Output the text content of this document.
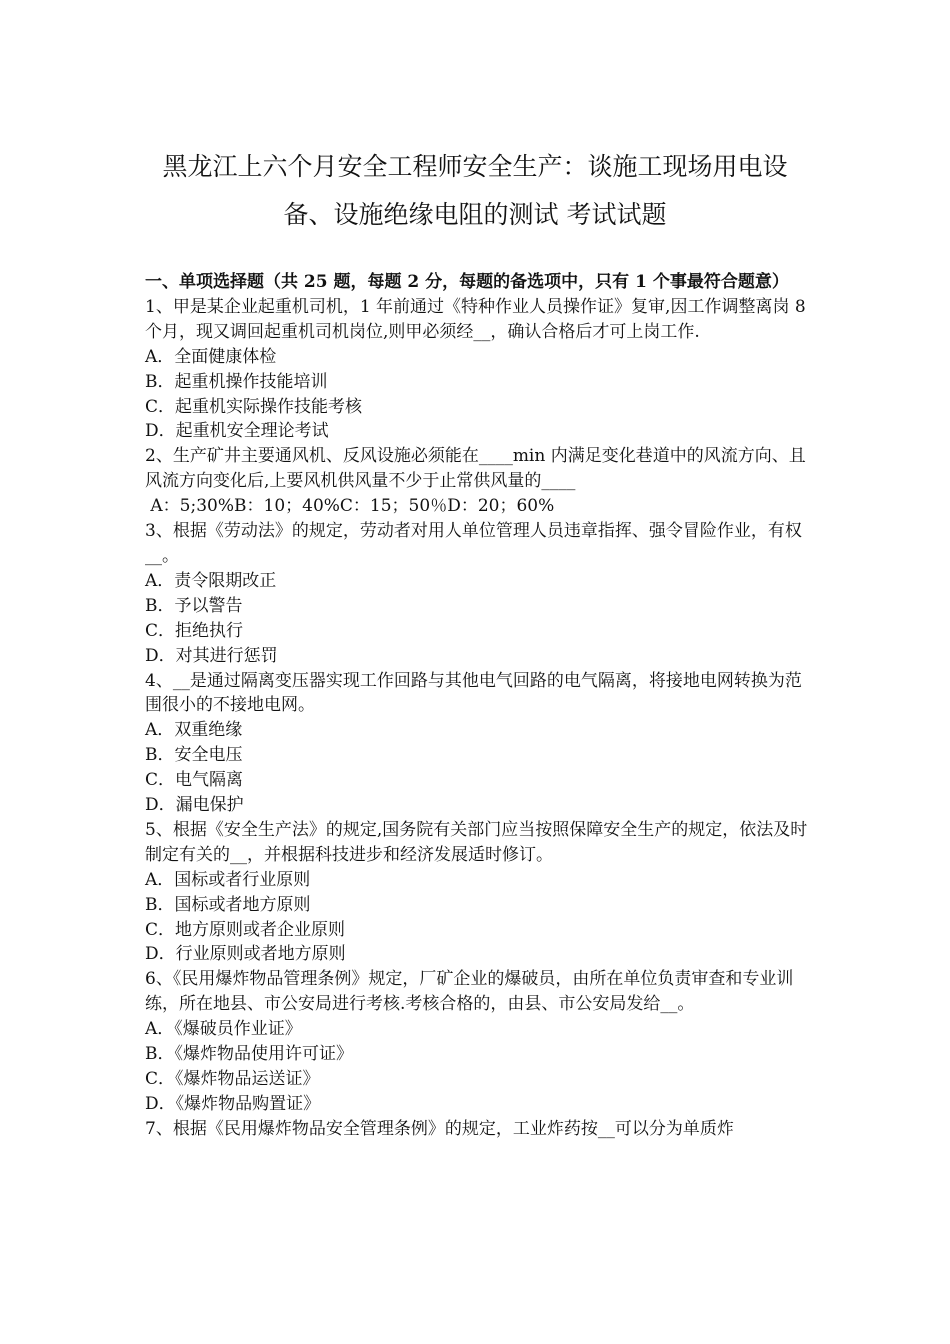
黑龙江上六个月安全工程师安全生产：谈施工现场用电设
备、设施绝缘电阻的测试 考试试题

一、单项选择题（共 25 题，每题 2 分，每题的备选项中，只有 1 个事最符合题意）

1、甲是某企业起重机司机，1 年前通过《特种作业人员操作证》复审,因工作调整离岗 8 个月，现又调回起重机司机岗位,则甲必须经__，确认合格后才可上岗工作.

A．全面健康体检

B．起重机操作技能培训

C．起重机实际操作技能考核

D．起重机安全理论考试

2、生产矿井主要通风机、反风设施必须能在____min 内满足变化巷道中的风流方向、且风流方向变化后,上要风机供风量不少于止常供风量的____

A：5;30%B：10；40%C：15；50％D：20；60%

3、根据《劳动法》的规定，劳动者对用人单位管理人员违章指挥、强令冒险作业，有权__。

A．责令限期改正

B．予以警告

C．拒绝执行

D．对其进行惩罚

4、__是通过隔离变压器实现工作回路与其他电气回路的电气隔离，将接地电网转换为范围很小的不接地电网。

A．双重绝缘

B．安全电压

C．电气隔离

D．漏电保护

5、根据《安全生产法》的规定,国务院有关部门应当按照保障安全生产的规定，依法及时制定有关的__，并根据科技进步和经济发展适时修订。

A．国标或者行业原则

B．国标或者地方原则

C．地方原则或者企业原则

D．行业原则或者地方原则

6、《民用爆炸物品管理条例》规定，厂矿企业的爆破员，由所在单位负责审查和专业训练，所在地县、市公安局进行考核.考核合格的，由县、市公安局发给__。

A．《爆破员作业证》

B．《爆炸物品使用许可证》

C．《爆炸物品运送证》

D．《爆炸物品购置证》

7、根据《民用爆炸物品安全管理条例》的规定，工业炸药按__可以分为单质炸
